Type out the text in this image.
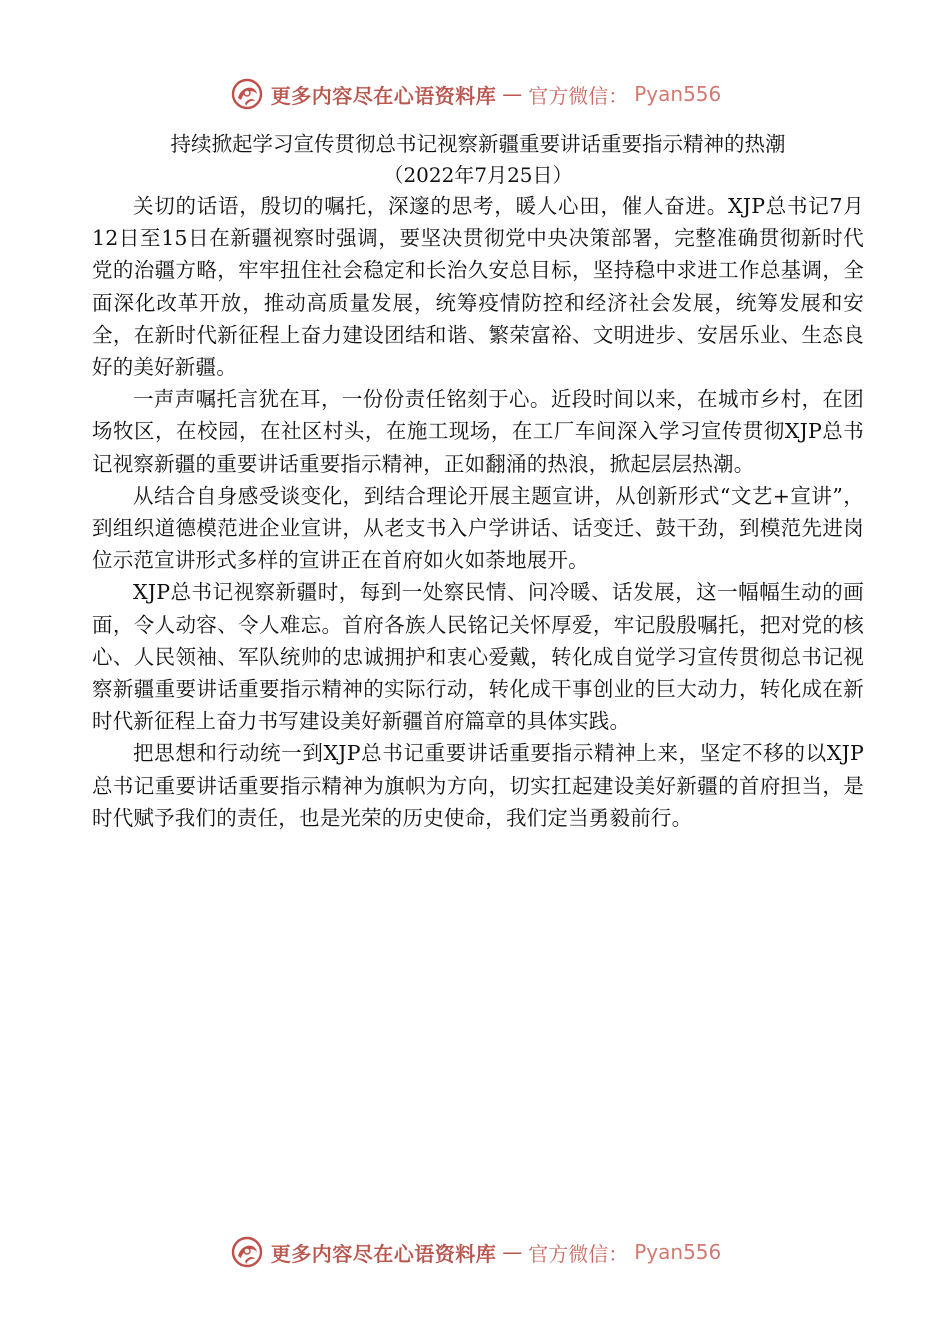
更多内容尽在心语资料库 — 官方微信： Pyan556
持续掀起学习宣传贯彻总书记视察新疆重要讲话重要指示精神的热潮

（2022年7月25日）

关切的话语，殷切的嘱托，深邃的思考，暖人心田，催人奋进。XJP总书记7月12日至15日在新疆视察时强调，要坚决贯彻党中央决策部署，完整准确贯彻新时代党的治疆方略，牢牢扭住社会稳定和长治久安总目标，坚持稳中求进工作总基调，全面深化改革开放，推动高质量发展，统筹疫情防控和经济社会发展，统筹发展和安全，在新时代新征程上奋力建设团结和谐、繁荣富裕、文明进步、安居乐业、生态良好的美好新疆。

一声声嘱托言犹在耳，一份份责任铭刻于心。近段时间以来，在城市乡村，在团场牧区，在校园，在社区村头，在施工现场，在工厂车间深入学习宣传贯彻XJP总书记视察新疆的重要讲话重要指示精神，正如翻涌的热浪，掀起层层热潮。

从结合自身感受谈变化，到结合理论开展主题宣讲，从创新形式“文艺+宣讲”，到组织道德模范进企业宣讲，从老支书入户学讲话、话变迁、鼓干劲，到模范先进岗位示范宣讲形式多样的宣讲正在首府如火如荼地展开。

XJP总书记视察新疆时，每到一处察民情、问冷暖、话发展，这一幅幅生动的画面，令人动容、令人难忘。首府各族人民铭记关怀厚爱，牢记殷殷嘱托，把对党的核心、人民领袖、军队统帅的忠诚拥护和衷心爱戴，转化成自觉学习宣传贯彻总书记视察新疆重要讲话重要指示精神的实际行动，转化成干事创业的巨大动力，转化成在新时代新征程上奋力书写建设美好新疆首府篇章的具体实践。

把思想和行动统一到XJP总书记重要讲话重要指示精神上来，坚定不移的以XJP总书记重要讲话重要指示精神为旗帜为方向，切实扛起建设美好新疆的首府担当，是时代赋予我们的责任，也是光荣的历史使命，我们定当勇毅前行。

更多内容尽在心语资料库 — 官方微信： Pyan556
